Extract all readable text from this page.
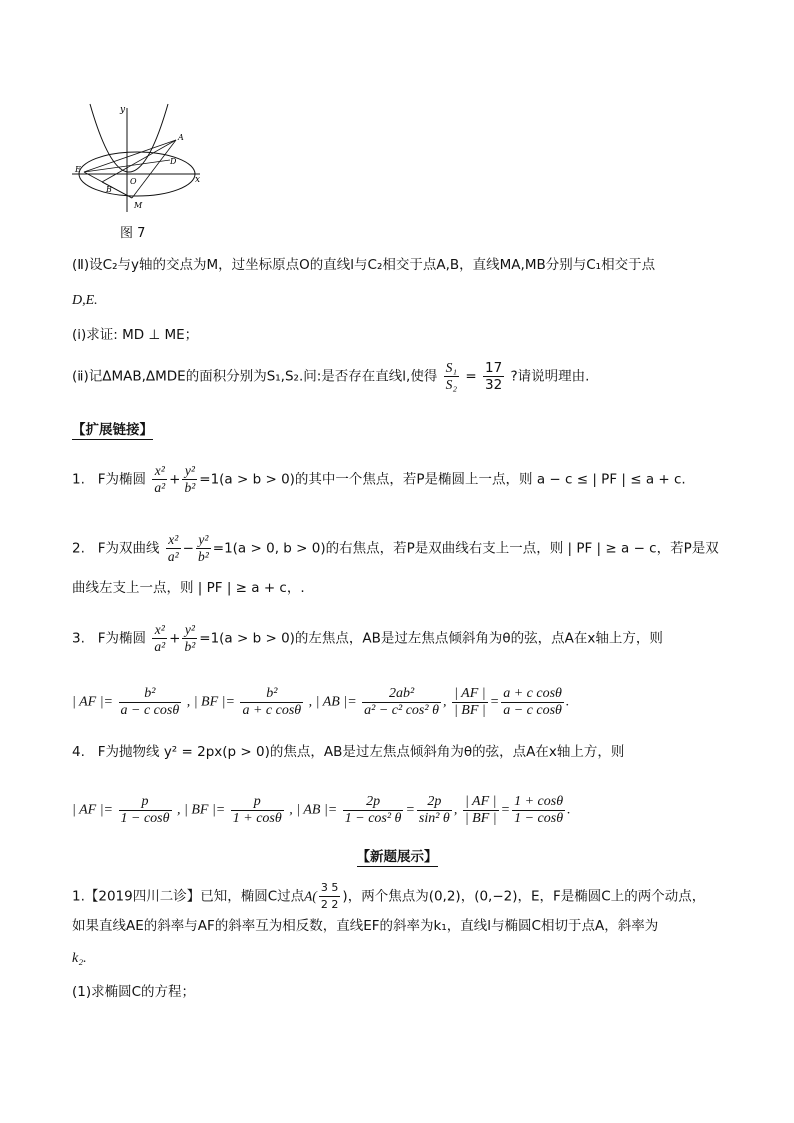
y
x
A
E
B
D
O
M
图 7
(Ⅱ)设C₂与y轴的交点为M，过坐标原点O的直线l与C₂相交于点A,B，直线MA,MB分别与C₁相交于点
D,E.
(ⅰ)求证: MD ⊥ ME；
(ⅱ)记ΔMAB,ΔMDE的面积分别为S₁,S₂.问:是否存在直线l,使得 $\frac{\text{S₁}}{\text{S₂}} = \frac{17}{32}$ ?请说明理由.
【扩展链接】
1. F为椭圆 $\frac{\text{x²}}{\text{a²}} + \frac{\text{y²}}{\text{b²}} =1(a > b > 0)$的其中一个焦点，若P是椭圆上一点，则 a − c ≤ | PF | ≤ a + c.
2. F为双曲线 $\frac{\text{x²}}{\text{a²}} - \frac{\text{y²}}{\text{b²}} =1(a > 0$, b > 0)的右焦点，若P是双曲线右支上一点，则 | PF | ≥ a − c，若P是双
曲线左支上一点，则 | PF | ≥ a + c，.
3. F为椭圆 $\frac{\text{x²}}{\text{a²}} + \frac{\text{y²}}{\text{b²}} =1(a > b > 0)$的左焦点，AB是过左焦点倾斜角为θ的弦，点A在x轴上方，则
| AF |= $\frac{\text{b²}}{\text{a − c cosθ}}$ , | BF |= $\frac{\text{b²}}{\text{a + c cosθ}}$ , | AB |= $\frac{\text{2ab²}}{\text{a² − c² cos² θ}}$ , $\frac{| AF |}{| BF |} = \frac{\text{a + c cosθ}}{\text{a − c cosθ}}$ .
4. F为抛物线 y² = 2px(p > 0)的焦点，AB是过左焦点倾斜角为θ的弦，点A在x轴上方，则
| AF |= $\frac{p}{1 - \cos\theta}$ , | BF |= $\frac{p}{1 + \cos\theta}$ , | AB |= $\frac{2p}{\text{1 − cos² θ}} = \frac{2p}{\text{sin² θ}}$ , $\frac{| AF |}{| BF |} = \frac{1 + \cos\theta}{1 - \cos\theta}$ .
【新题展示】
1.【2019四川二诊】已知，椭圆C过点$A( \frac{3 5}{2 2}$ )，两个焦点为(0,2)，(0,−2)，E，F是椭圆C上的两个动点，
如果直线AE的斜率与AF的斜率互为相反数，直线EF的斜率为k₁，直线l与椭圆C相切于点A，斜率为
k₂.
(1)求椭圆C的方程；
